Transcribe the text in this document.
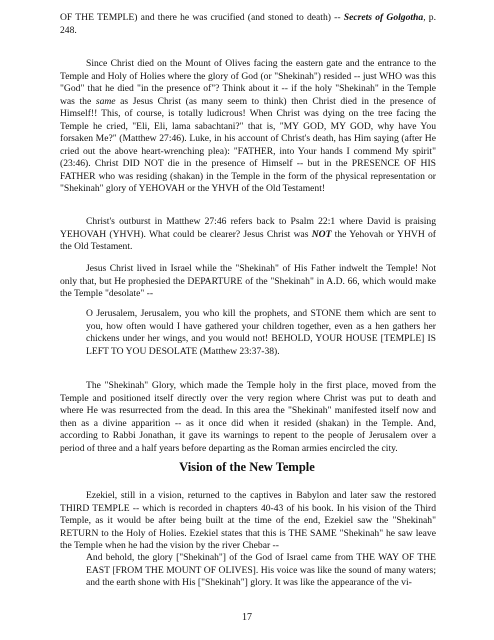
OF THE TEMPLE) and there he was crucified (and stoned to death) -- Secrets of Golgotha, p. 248.
Since Christ died on the Mount of Olives facing the eastern gate and the entrance to the Temple and Holy of Holies where the glory of God (or "Shekinah") resided -- just WHO was this "God" that he died "in the presence of"? Think about it -- if the holy "Shekinah" in the Temple was the same as Jesus Christ (as many seem to think) then Christ died in the presence of Himself!! This, of course, is totally ludicrous! When Christ was dying on the tree facing the Temple he cried, "Eli, Eli, lama sabachtani?" that is, "MY GOD, MY GOD, why have You forsaken Me?" (Matthew 27:46). Luke, in his account of Christ's death, has Him saying (after He cried out the above heart-wrenching plea): "FATHER, into Your hands I commend My spirit" (23:46). Christ DID NOT die in the presence of Himself -- but in the PRESENCE OF HIS FATHER who was residing (shakan) in the Temple in the form of the physical representation or "Shekinah" glory of YEHOVAH or the YHVH of the Old Testament!
Christ's outburst in Matthew 27:46 refers back to Psalm 22:1 where David is praising YEHOVAH (YHVH). What could be clearer? Jesus Christ was NOT the Yehovah or YHVH of the Old Testament.
Jesus Christ lived in Israel while the "Shekinah" of His Father indwelt the Temple! Not only that, but He prophesied the DEPARTURE of the "Shekinah" in A.D. 66, which would make the Temple "desolate" --
O Jerusalem, Jerusalem, you who kill the prophets, and STONE them which are sent to you, how often would I have gathered your children together, even as a hen gathers her chickens under her wings, and you would not! BEHOLD, YOUR HOUSE [TEMPLE] IS LEFT TO YOU DESOLATE (Matthew 23:37-38).
The "Shekinah" Glory, which made the Temple holy in the first place, moved from the Temple and positioned itself directly over the very region where Christ was put to death and where He was resurrected from the dead. In this area the "Shekinah" manifested itself now and then as a divine apparition -- as it once did when it resided (shakan) in the Temple. And, according to Rabbi Jonathan, it gave its warnings to repent to the people of Jerusalem over a period of three and a half years before departing as the Roman armies encircled the city.
Vision of the New Temple
Ezekiel, still in a vision, returned to the captives in Babylon and later saw the restored THIRD TEMPLE -- which is recorded in chapters 40-43 of his book. In his vision of the Third Temple, as it would be after being built at the time of the end, Ezekiel saw the "Shekinah" RETURN to the Holy of Holies. Ezekiel states that this is THE SAME "Shekinah" he saw leave the Temple when he had the vision by the river Chebar --
And behold, the glory ["Shekinah"] of the God of Israel came from THE WAY OF THE EAST [FROM THE MOUNT OF OLIVES]. His voice was like the sound of many waters; and the earth shone with His ["Shekinah"] glory. It was like the appearance of the vi-
17
